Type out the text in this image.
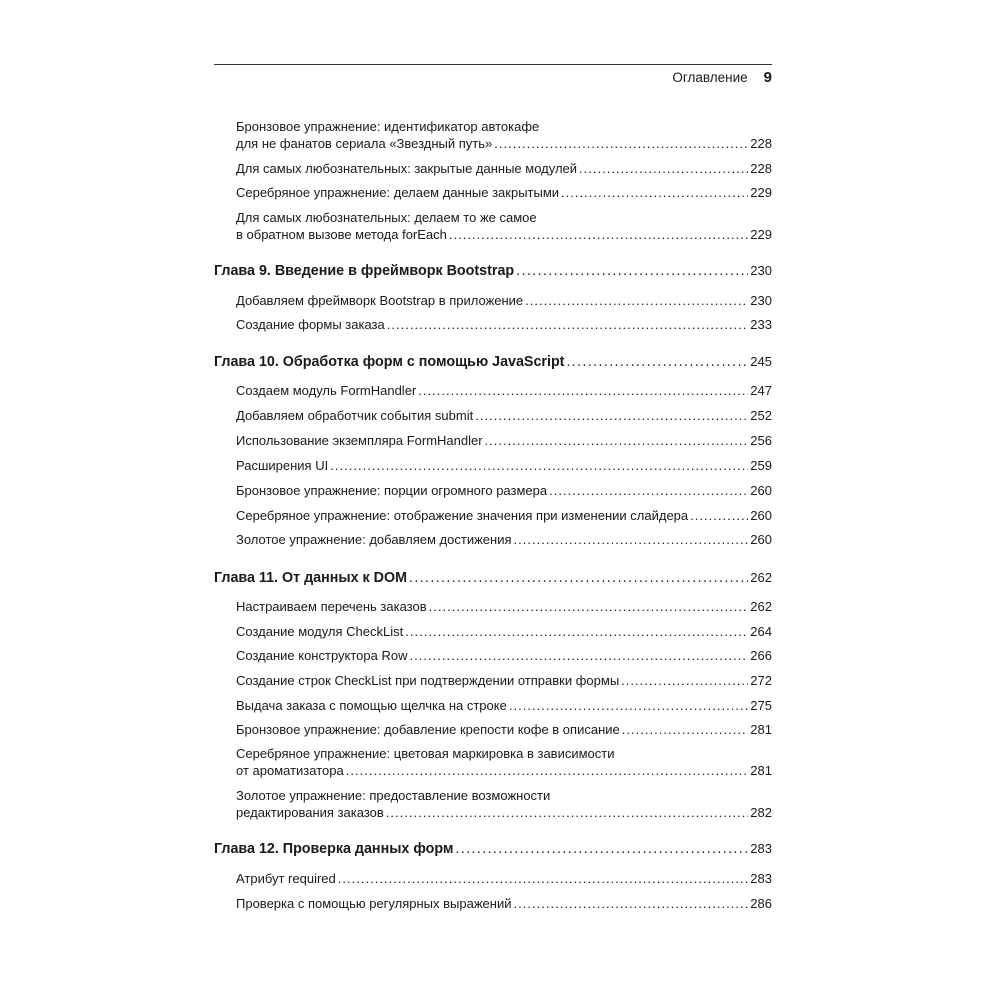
Оглавление 9
Бронзовое упражнение: идентификатор автокафе
для не фанатов сериала «Звездный путь» . . .	228
Для самых любознательных: закрытые данные модулей . . .	228
Серебряное упражнение: делаем данные закрытыми . . .	229
Для самых любознательных: делаем то же самое
в обратном вызове метода forEach . . .	229
Глава 9. Введение в фреймворк Bootstrap . . .	230
Добавляем фреймворк Bootstrap в приложение . . .	230
Создание формы заказа . . .	233
Глава 10. Обработка форм с помощью JavaScript . . .	245
Создаем модуль FormHandler . . .	247
Добавляем обработчик события submit . . .	252
Использование экземпляра FormHandler . . .	256
Расширения UI . . .	259
Бронзовое упражнение: порции огромного размера . . .	260
Серебряное упражнение: отображение значения при изменении слайдера . . .	260
Золотое упражнение: добавляем достижения . . .	260
Глава 11. От данных к DOM . . .	262
Настраиваем перечень заказов . . .	262
Создание модуля CheckList . . .	264
Создание конструктора Row . . .	266
Создание строк CheckList при подтверждении отправки формы . . .	272
Выдача заказа с помощью щелчка на строке . . .	275
Бронзовое упражнение: добавление крепости кофе в описание . . .	281
Серебряное упражнение: цветовая маркировка в зависимости
от ароматизатора . . .	281
Золотое упражнение: предоставление возможности
редактирования заказов . . .	282
Глава 12. Проверка данных форм . . .	283
Атрибут required . . .	283
Проверка с помощью регулярных выражений . . .	286
